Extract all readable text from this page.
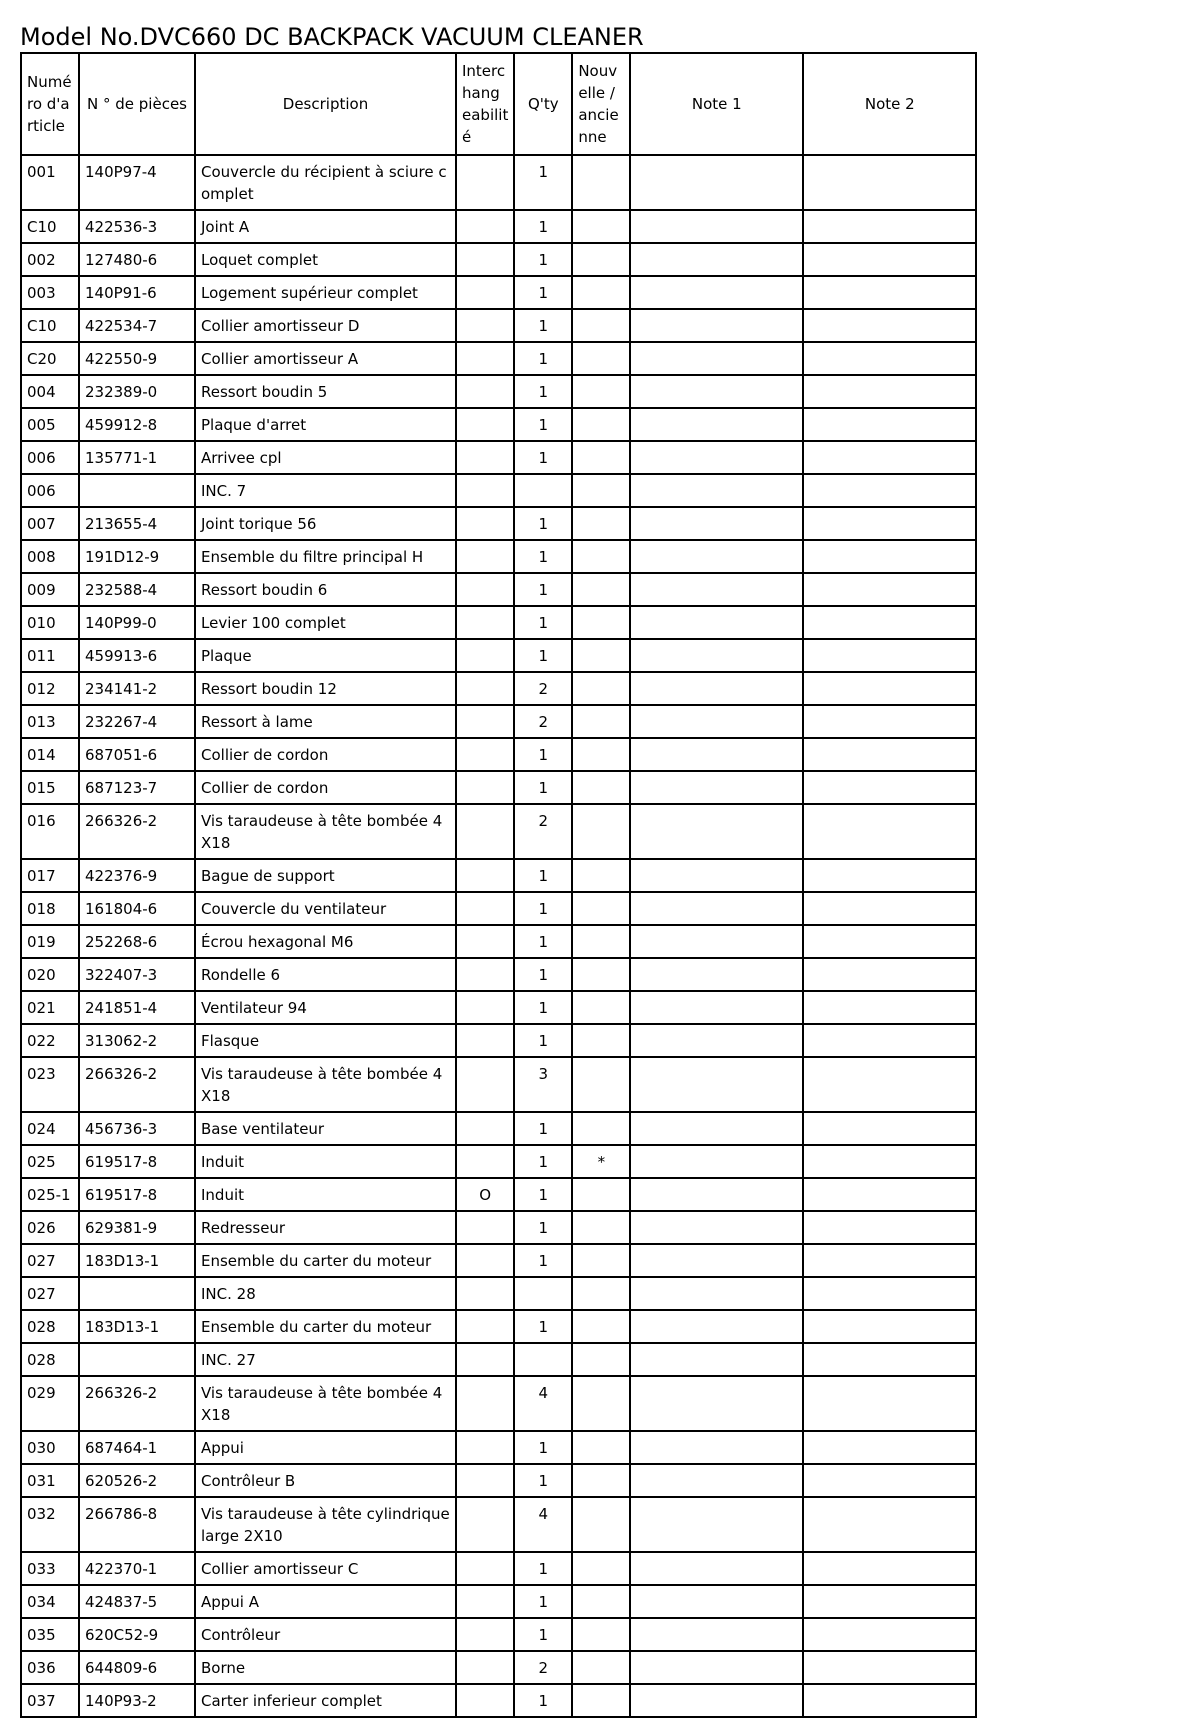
Model No.DVC660 DC BACKPACK VACUUM CLEANER
Numé ro d'a rticle	N ° de pièces	Description	Interc hang eabilit é	Q'ty	Nouv elle / ancie nne	Note 1	Note 2
001	140P97-4	Couvercle du récipient à sciure complet		1			
C10	422536-3	Joint A		1			
002	127480-6	Loquet complet		1			
003	140P91-6	Logement supérieur complet		1			
C10	422534-7	Collier amortisseur D		1			
C20	422550-9	Collier amortisseur A		1			
004	232389-0	Ressort boudin 5		1			
005	459912-8	Plaque d'arret		1			
006	135771-1	Arrivee cpl		1			
006		INC. 7					
007	213655-4	Joint torique 56		1			
008	191D12-9	Ensemble du filtre principal H		1			
009	232588-4	Ressort boudin 6		1			
010	140P99-0	Levier 100 complet		1			
011	459913-6	Plaque		1			
012	234141-2	Ressort boudin 12		2			
013	232267-4	Ressort à lame		2			
014	687051-6	Collier de cordon		1			
015	687123-7	Collier de cordon		1			
016	266326-2	Vis taraudeuse à tête bombée 4X18		2			
017	422376-9	Bague de support		1			
018	161804-6	Couvercle du ventilateur		1			
019	252268-6	Écrou hexagonal M6		1			
020	322407-3	Rondelle 6		1			
021	241851-4	Ventilateur 94		1			
022	313062-2	Flasque		1			
023	266326-2	Vis taraudeuse à tête bombée 4X18		3			
024	456736-3	Base ventilateur		1			
025	619517-8	Induit		1	*		
025-1	619517-8	Induit	O	1			
026	629381-9	Redresseur		1			
027	183D13-1	Ensemble du carter du moteur		1			
027		INC. 28					
028	183D13-1	Ensemble du carter du moteur		1			
028		INC. 27					
029	266326-2	Vis taraudeuse à tête bombée 4X18		4			
030	687464-1	Appui		1			
031	620526-2	Contrôleur B		1			
032	266786-8	Vis taraudeuse à tête cylindrique large 2X10		4			
033	422370-1	Collier amortisseur C		1			
034	424837-5	Appui A		1			
035	620C52-9	Contrôleur		1			
036	644809-6	Borne		2			
037	140P93-2	Carter inferieur complet		1			
